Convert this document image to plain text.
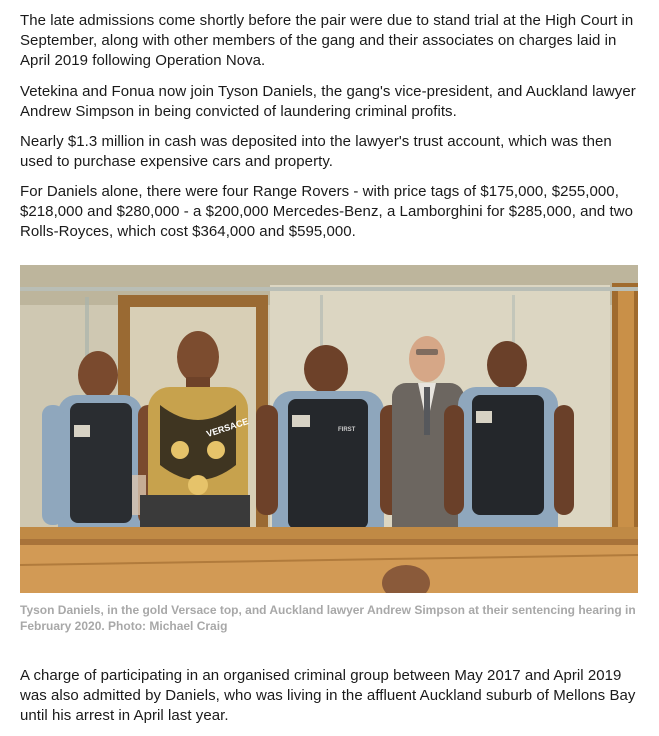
The late admissions come shortly before the pair were due to stand trial at the High Court in September, along with other members of the gang and their associates on charges laid in April 2019 following Operation Nova.

Vetekina and Fonua now join Tyson Daniels, the gang's vice-president, and Auckland lawyer Andrew Simpson in being convicted of laundering criminal profits.

Nearly $1.3 million in cash was deposited into the lawyer's trust account, which was then used to purchase expensive cars and property.

For Daniels alone, there were four Range Rovers - with price tags of $175,000, $255,000, $218,000 and $280,000 - a $200,000 Mercedes-Benz, a Lamborghini for $285,000, and two Rolls-Royces, which cost $364,000 and $595,000.

VERSACE	FIRST

Tyson Daniels, in the gold Versace top, and Auckland lawyer Andrew Simpson at their sentencing hearing in February 2020. Photo: Michael Craig

A charge of participating in an organised criminal group between May 2017 and April 2019 was also admitted by Daniels, who was living in the affluent Auckland suburb of Mellons Bay until his arrest in April last year.
